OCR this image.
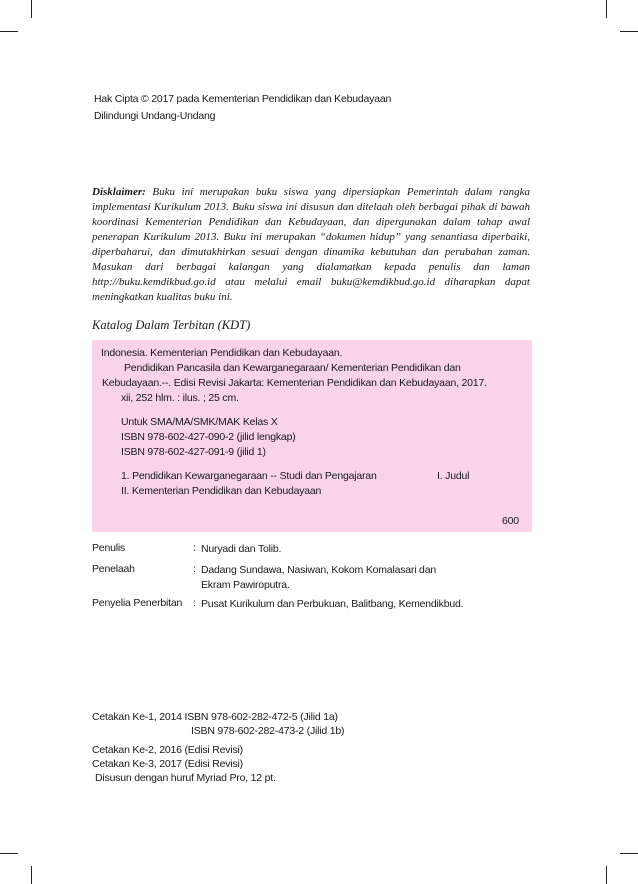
Hak Cipta © 2017 pada Kementerian Pendidikan dan Kebudayaan
Dilindungi Undang-Undang
Disklaimer: Buku ini merupakan buku siswa yang dipersiapkan Pemerintah dalam rangka implementasi Kurikulum 2013. Buku siswa ini disusun dan ditelaah oleh berbagai pihak di bawah koordinasi Kementerian Pendidikan dan Kebudayaan, dan dipergunakan dalam tahap awal penerapan Kurikulum 2013. Buku ini merupakan “dokumen hidup” yang senantiasa diperbaiki, diperbaharui, dan dimutakhirkan sesuai dengan dinamika kebutuhan dan perubahan zaman. Masukan dari berbagai kalangan yang dialamatkan kepada penulis dan laman http://buku.kemdikbud.go.id atau melalui email buku@kemdikbud.go.id diharapkan dapat meningkatkan kualitas buku ini.
Katalog Dalam Terbitan (KDT)
Indonesia. Kementerian Pendidikan dan Kebudayaan.
Pendidikan Pancasila dan Kewarganegaraan/ Kementerian Pendidikan dan
Kebudayaan.--. Edisi Revisi Jakarta: Kementerian Pendidikan dan Kebudayaan, 2017.
xii, 252 hlm. : ilus. ; 25 cm.
Untuk SMA/MA/SMK/MAK Kelas X
ISBN 978-602-427-090-2 (jilid lengkap)
ISBN 978-602-427-091-9 (jilid 1)
1. Pendidikan Kewarganegaraan -- Studi dan Pengajaran	I. Judul
II. Kementerian Pendidikan dan Kebudayaan
600
Penulis	: Nuryadi dan Tolib.
Penelaah	: Dadang Sundawa, Nasiwan, Kokom Komalasari dan
Ekram Pawiroputra.
Penyelia Penerbitan : Pusat Kurikulum dan Perbukuan, Balitbang, Kemendikbud.
Cetakan Ke-1, 2014 ISBN 978-602-282-472-5 (Jilid 1a)
ISBN 978-602-282-473-2 (Jilid 1b)
Cetakan Ke-2, 2016 (Edisi Revisi)
Cetakan Ke-3, 2017 (Edisi Revisi)
Disusun dengan huruf Myriad Pro, 12 pt.
